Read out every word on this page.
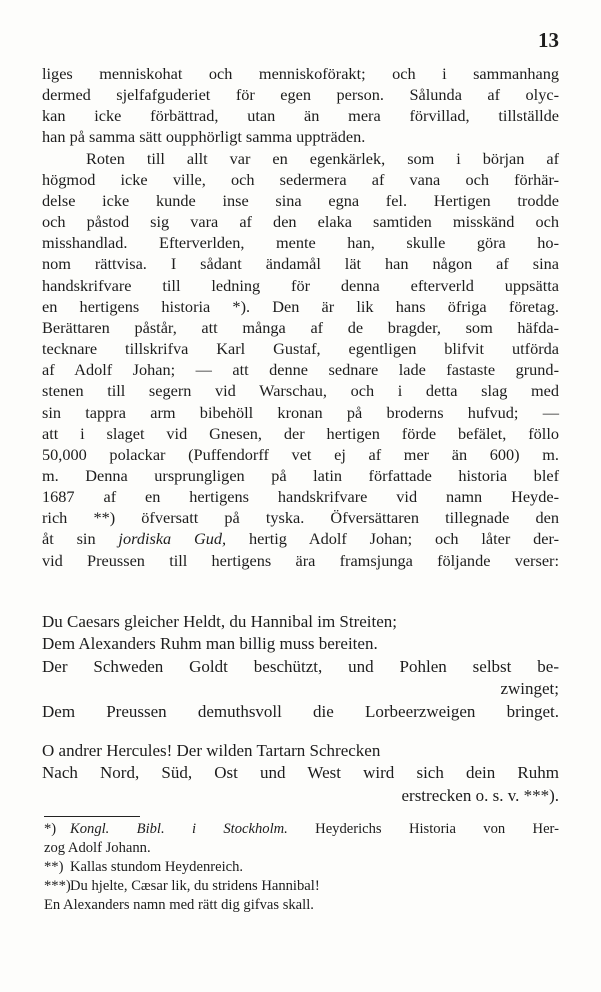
13
liges menniskohat och menniskoförakt; och i sammanhang
dermed sjelfafguderiet för egen person. Sålunda af olyc-
kan icke förbättrad, utan än mera förvillad, tillställde
han på samma sätt oupphörligt samma uppträden.
Roten till allt var en egenkärlek, som i början af
högmod icke ville, och sedermera af vana och förhär-
delse icke kunde inse sina egna fel. Hertigen trodde
och påstod sig vara af den elaka samtiden misskänd och
misshandlad. Efterverlden, mente han, skulle göra ho-
nom rättvisa. I sådant ändamål lät han någon af sina
handskrifvare till ledning för denna efterverld uppsätta
en hertigens historia *). Den är lik hans öfriga företag.
Berättaren påstår, att många af de bragder, som häfda-
tecknare tillskrifva Karl Gustaf, egentligen blifvit utförda
af Adolf Johan; — att denne sednare lade fastaste grund-
stenen till segern vid Warschau, och i detta slag med
sin tappra arm bibehöll kronan på broderns hufvud; —
att i slaget vid Gnesen, der hertigen förde befälet, föllo
50,000 polackar (Puffendorff vet ej af mer än 600) m.
m. Denna ursprungligen på latin författade historia blef
1687 af en hertigens handskrifvare vid namn Heyde-
rich **) öfversatt på tyska. Öfversättaren tillegnade den
åt sin jordiska Gud, hertig Adolf Johan; och låter der-
vid Preussen till hertigens ära framsjunga följande verser:
Du Caesars gleicher Heldt, du Hannibal im Streiten;
Dem Alexanders Ruhm man billig muss bereiten.
Der Schweden Goldt beschützt, und Pohlen selbst be-
zwinget;
Dem Preussen demuthsvoll die Lorbeerzweigen bringet.
O andrer Hercules! Der wilden Tartarn Schrecken
Nach Nord, Süd, Ost und West wird sich dein Ruhm
erstrecken o. s. v. ***).
*) Kongl. Bibl. i Stockholm. Heyderichs Historia von Her-
zog Adolf Johann.
**) Kallas stundom Heydenreich.
***) Du hjelte, Cæsar lik, du stridens Hannibal!
En Alexanders namn med rätt dig gifvas skall.
